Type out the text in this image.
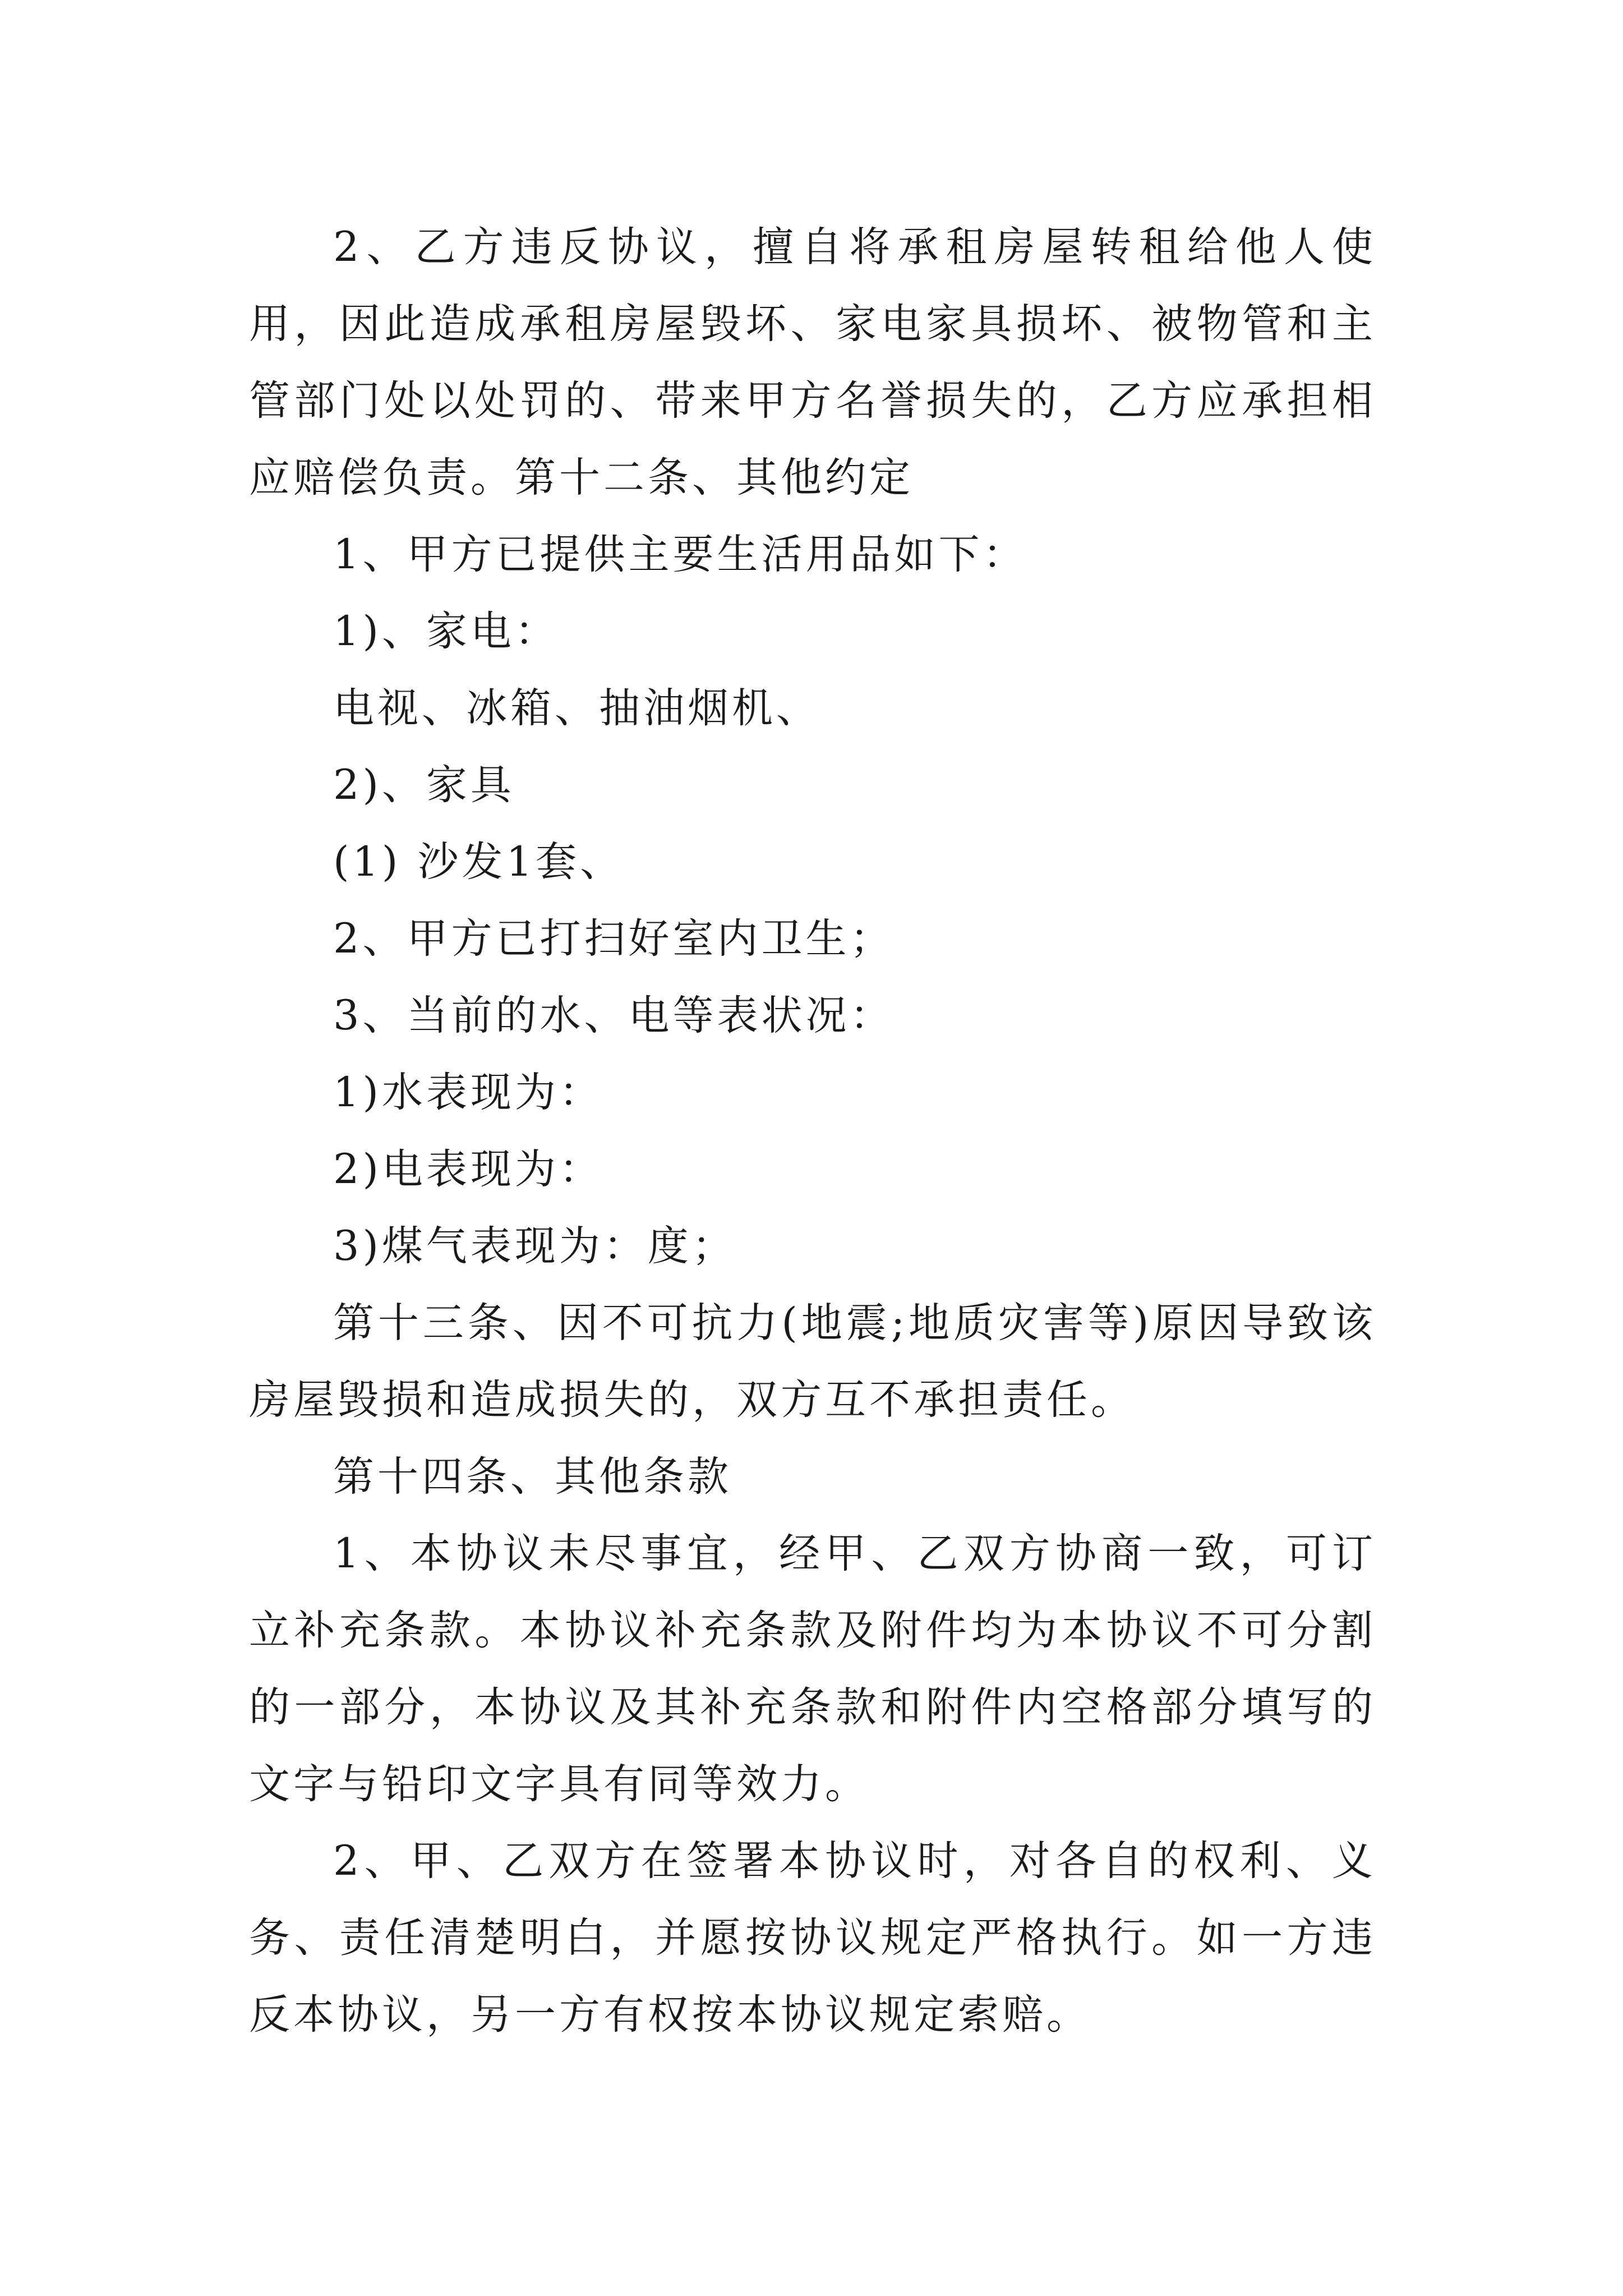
2、乙方违反协议，擅自将承租房屋转租给他人使用，因此造成承租房屋毁坏、家电家具损坏、被物管和主管部门处以处罚的、带来甲方名誉损失的，乙方应承担相应赔偿负责。第十二条、其他约定

1、甲方已提供主要生活用品如下：

1)、家电：

电视、冰箱、抽油烟机、

2)、家具

(1) 沙发1套、

2、甲方已打扫好室内卫生；

3、当前的水、电等表状况：

1)水表现为：

2)电表现为：

3)煤气表现为：度；

第十三条、因不可抗力(地震;地质灾害等)原因导致该房屋毁损和造成损失的，双方互不承担责任。

第十四条、其他条款

1、本协议未尽事宜，经甲、乙双方协商一致，可订立补充条款。本协议补充条款及附件均为本协议不可分割的一部分，本协议及其补充条款和附件内空格部分填写的文字与铅印文字具有同等效力。

2、甲、乙双方在签署本协议时，对各自的权利、义务、责任清楚明白，并愿按协议规定严格执行。如一方违反本协议，另一方有权按本协议规定索赔。
